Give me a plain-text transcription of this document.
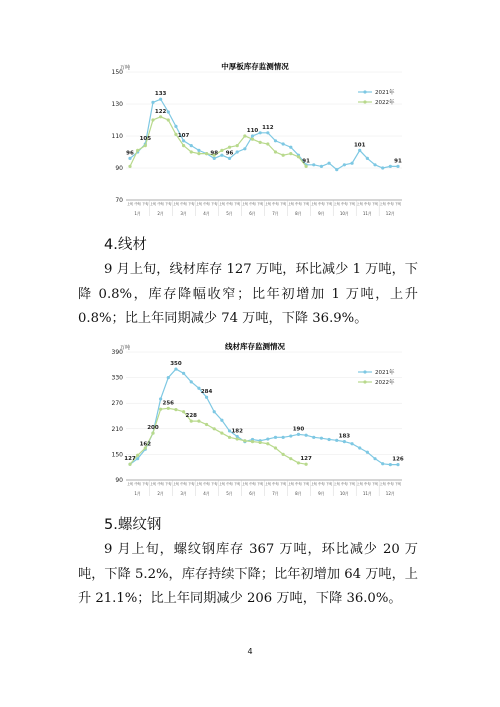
中厚板库存监测情况
万吨
70
90
110
130
150
上旬 中旬 下旬 上旬 中旬 下旬 上旬 中旬 下旬 上旬 中旬 下旬 上旬 中旬 下旬 上旬 中旬 下旬 上旬 中旬 下旬 上旬 中旬 下旬 上旬 中旬 下旬 上旬 中旬 下旬 上旬 中旬 下旬 上旬 中旬 下旬
1月	2月	3月	4月	5月	6月	7月	8月	9月	10月	11月	12月
2021年
2022年
96
105
133
122
107
98 96
110
112
91
101
91
4.线材
9 月上旬，线材库存 127 万吨，环比减少 1 万吨，下降 0.8%，库存降幅收窄；比年初增加 1 万吨，上升 0.8%；比上年同期减少 74 万吨，下降 36.9%。
线材库存监测情况
万吨
90
150
210
270
330
390
上旬 中旬 下旬 上旬 中旬 下旬 上旬 中旬 下旬 上旬 中旬 下旬 上旬 中旬 下旬 上旬 中旬 下旬 上旬 中旬 下旬 上旬 中旬 下旬 上旬 中旬 下旬 上旬 中旬 下旬 上旬 中旬 下旬 上旬 中旬 下旬
1月	2月	3月	4月	5月	6月	7月	8月	9月	10月	11月	12月
2021年
2022年
127
162
200
350
256
228
284
182	190
127
183
126
5.螺纹钢
9 月上旬，螺纹钢库存 367 万吨，环比减少 20 万吨，下降 5.2%，库存持续下降；比年初增加 64 万吨，上升 21.1%；比上年同期减少 206 万吨，下降 36.0%。
4
